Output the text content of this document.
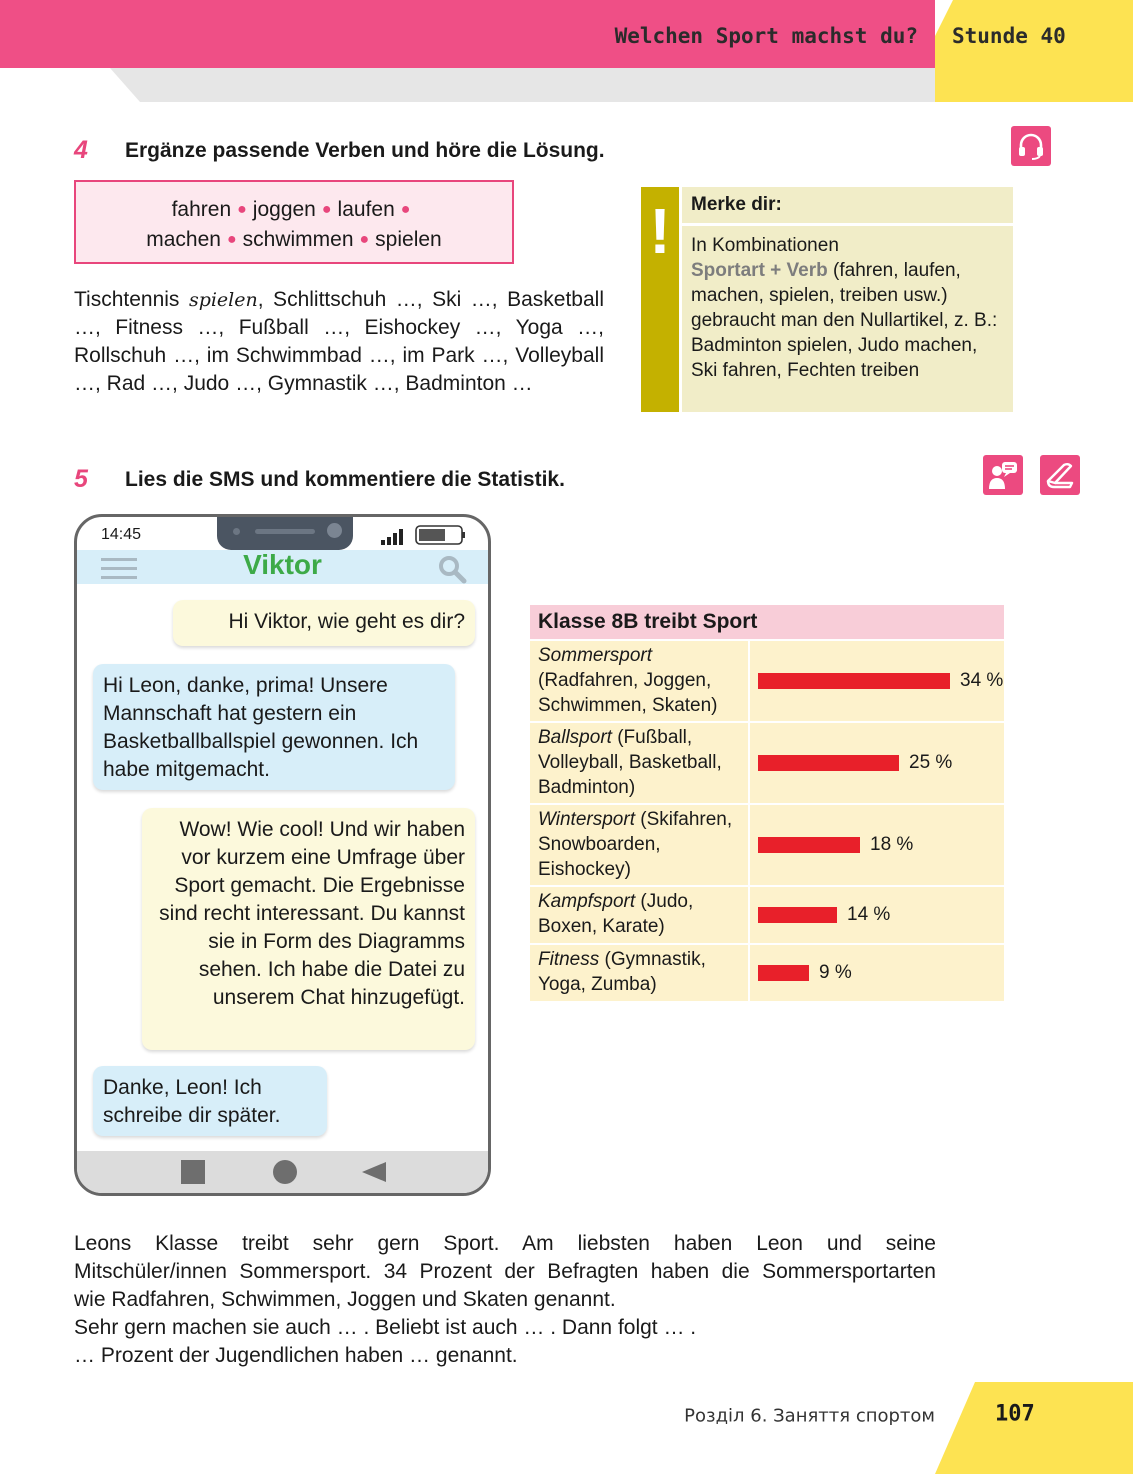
Welchen Sport machst du? Stunde 40
4 Ergänze passende Verben und höre die Lösung.
fahren ● joggen ● laufen ●
machen ● schwimmen ● spielen
Tischtennis spielen, Schlittschuh …, Ski …, Basketball …, Fitness …, Fußball …, Eishockey …, Yoga …, Rollschuh …, im Schwimmbad …, im Park …, Volleyball …, Rad …, Judo …, Gymnastik …, Badminton …
!	Merke dir:
In Kombinationen
Sportart + Verb (fahren, laufen, machen, spielen, treiben usw.) gebraucht man den Nullartikel, z. B.:
Badminton spielen, Judo machen, Ski fahren, Fechten treiben
5 Lies die SMS und kommentiere die Statistik.
14:45
Viktor
Hi Viktor, wie geht es dir?
Hi Leon, danke, prima! Unsere Mannschaft hat gestern ein Basketballballspiel gewonnen. Ich habe mitgemacht.
Wow! Wie cool! Und wir haben vor kurzem eine Umfrage über Sport gemacht. Die Ergebnisse sind recht interessant. Du kannst sie in Form des Diagramms sehen. Ich habe die Datei zu unserem Chat hinzugefügt.
Danke, Leon! Ich schreibe dir später.
Klasse 8B treibt Sport
Sommersport (Radfahren, Joggen, Schwimmen, Skaten)
34 %
Ballsport (Fußball, Volleyball, Basketball, Badminton)
25 %
Wintersport (Skifahren, Snowboarden, Eishockey)
18 %
Kampfsport (Judo, Boxen, Karate)
14 %
Fitness (Gymnastik, Yoga, Zumba)
9 %
Leons Klasse treibt sehr gern Sport. Am liebsten haben Leon und seine
Mitschüler/innen Sommersport. 34 Prozent der Befragten haben die Sommersportarten
wie Radfahren, Schwimmen, Joggen und Skaten genannt.
Sehr gern machen sie auch … . Beliebt ist auch … . Dann folgt … .
… Prozent der Jugendlichen haben … genannt.
Розділ 6. Заняття спортом	107
